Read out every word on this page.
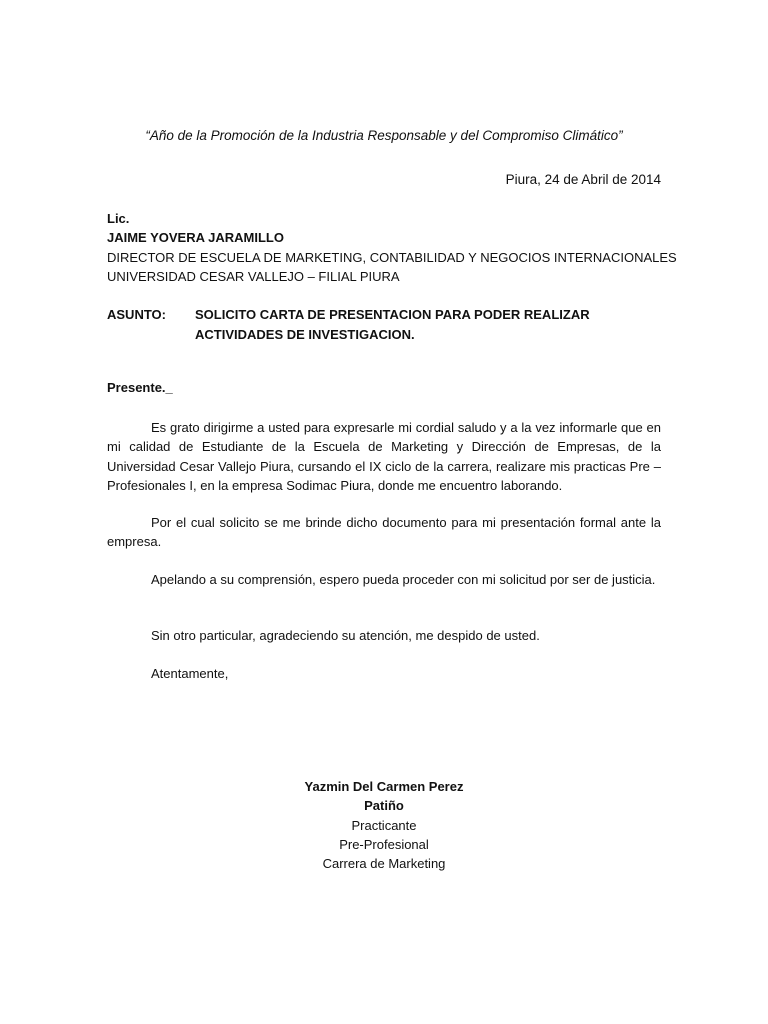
“Año de la Promoción de la Industria Responsable y del Compromiso Climático”
Piura, 24 de Abril de 2014
Lic.
JAIME YOVERA JARAMILLO
DIRECTOR DE ESCUELA DE MARKETING, CONTABILIDAD Y NEGOCIOS INTERNACIONALES
UNIVERSIDAD CESAR VALLEJO – FILIAL PIURA
ASUNTO: SOLICITO CARTA DE PRESENTACION PARA PODER REALIZAR ACTIVIDADES DE INVESTIGACION.
Presente._
Es grato dirigirme a usted para expresarle mi cordial saludo y a la vez informarle que en mi calidad de Estudiante de la Escuela de Marketing y Dirección de Empresas, de la Universidad Cesar Vallejo Piura, cursando el IX ciclo de la carrera, realizare mis practicas Pre – Profesionales I, en la empresa Sodimac Piura, donde me encuentro laborando.
Por el cual solicito se me brinde dicho documento para mi presentación formal ante la empresa.
Apelando a su comprensión, espero pueda proceder con mi solicitud por ser de justicia.
Sin otro particular, agradeciendo su atención, me despido de usted.
Atentamente,
Yazmin Del Carmen Perez Patiño
Practicante
Pre-Profesional
Carrera de Marketing
